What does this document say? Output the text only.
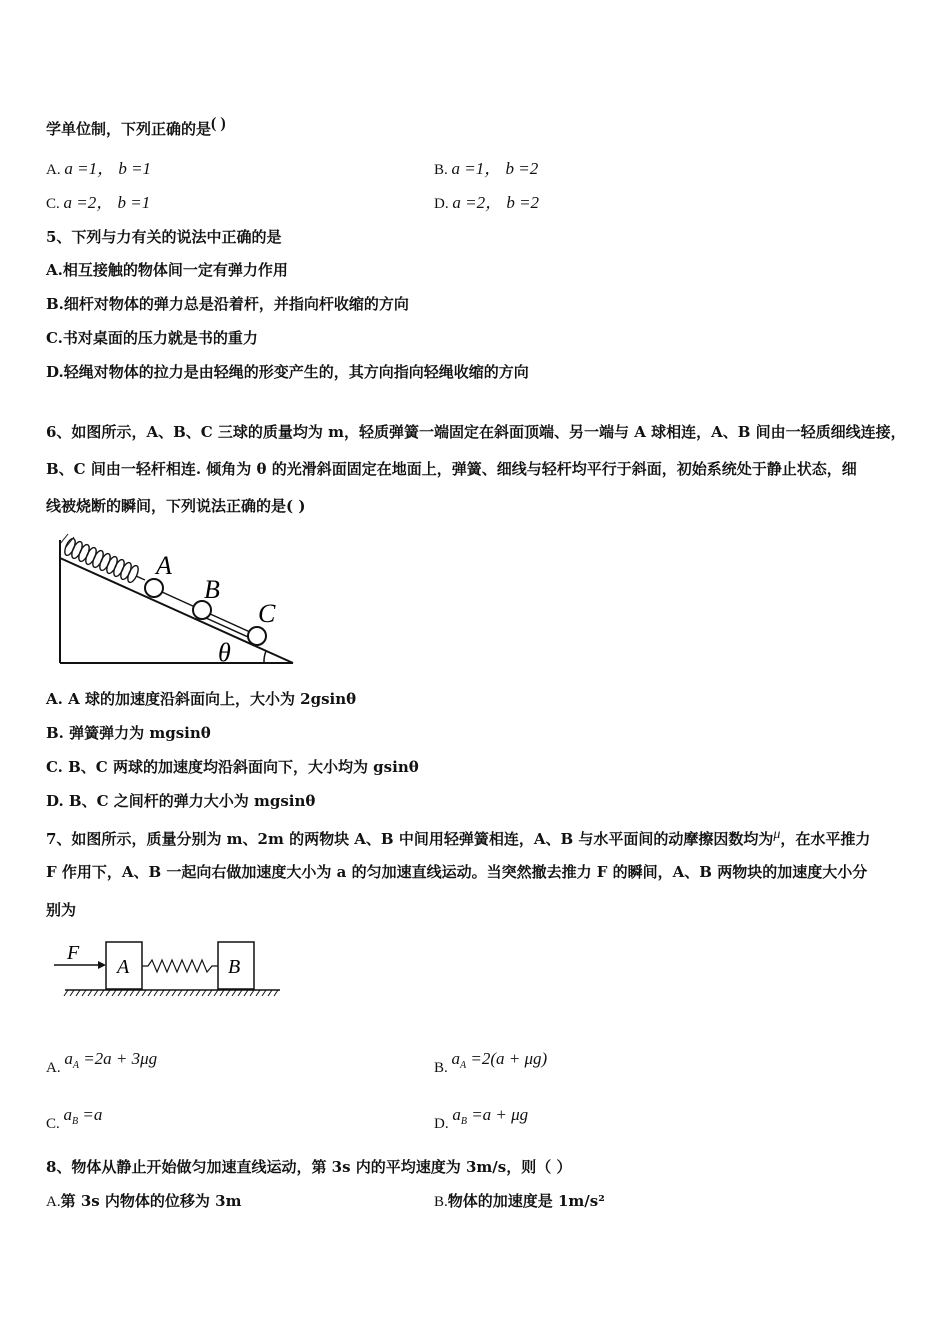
学单位制，下列正确的是( )
A. a =1， b =1	B. a =1， b =2
C. a =2， b =1	D. a =2， b =2
5、下列与力有关的说法中正确的是
A.相互接触的物体间一定有弹力作用
B.细杆对物体的弹力总是沿着杆，并指向杆收缩的方向
C.书对桌面的压力就是书的重力
D.轻绳对物体的拉力是由轻绳的形变产生的，其方向指向轻绳收缩的方向
6、如图所示，A、B、C 三球的质量均为 m，轻质弹簧一端固定在斜面顶端、另一端与 A 球相连，A、B 间由一轻质细线连接，
B、C 间由一轻杆相连. 倾角为 θ 的光滑斜面固定在地面上，弹簧、细线与轻杆均平行于斜面，初始系统处于静止状态，细
线被烧断的瞬间，下列说法正确的是( )
A
B
C
θ
A. A 球的加速度沿斜面向上，大小为 2gsinθ
B. 弹簧弹力为 mgsinθ
C. B、C 两球的加速度均沿斜面向下，大小均为 gsinθ
D. B、C 之间杆的弹力大小为 mgsinθ
7、如图所示，质量分别为 m、2m 的两物块 A、B 中间用轻弹簧相连，A、B 与水平面间的动摩擦因数均为μ，在水平推力
F 作用下，A、B 一起向右做加速度大小为 a 的匀加速直线运动。当突然撤去推力 F 的瞬间，A、B 两物块的加速度大小分
别为
F
A	B
A. $a_A =2a + 3\mu g$	B. $a_A =2(a + \mu g)$
C. $a_B =a$	D. $a_B =a + \mu g$
8、物体从静止开始做匀加速直线运动，第 3s 内的平均速度为 3m/s，则（ ）
A.第 3s 内物体的位移为 3m	B.物体的加速度是 1m/s²
